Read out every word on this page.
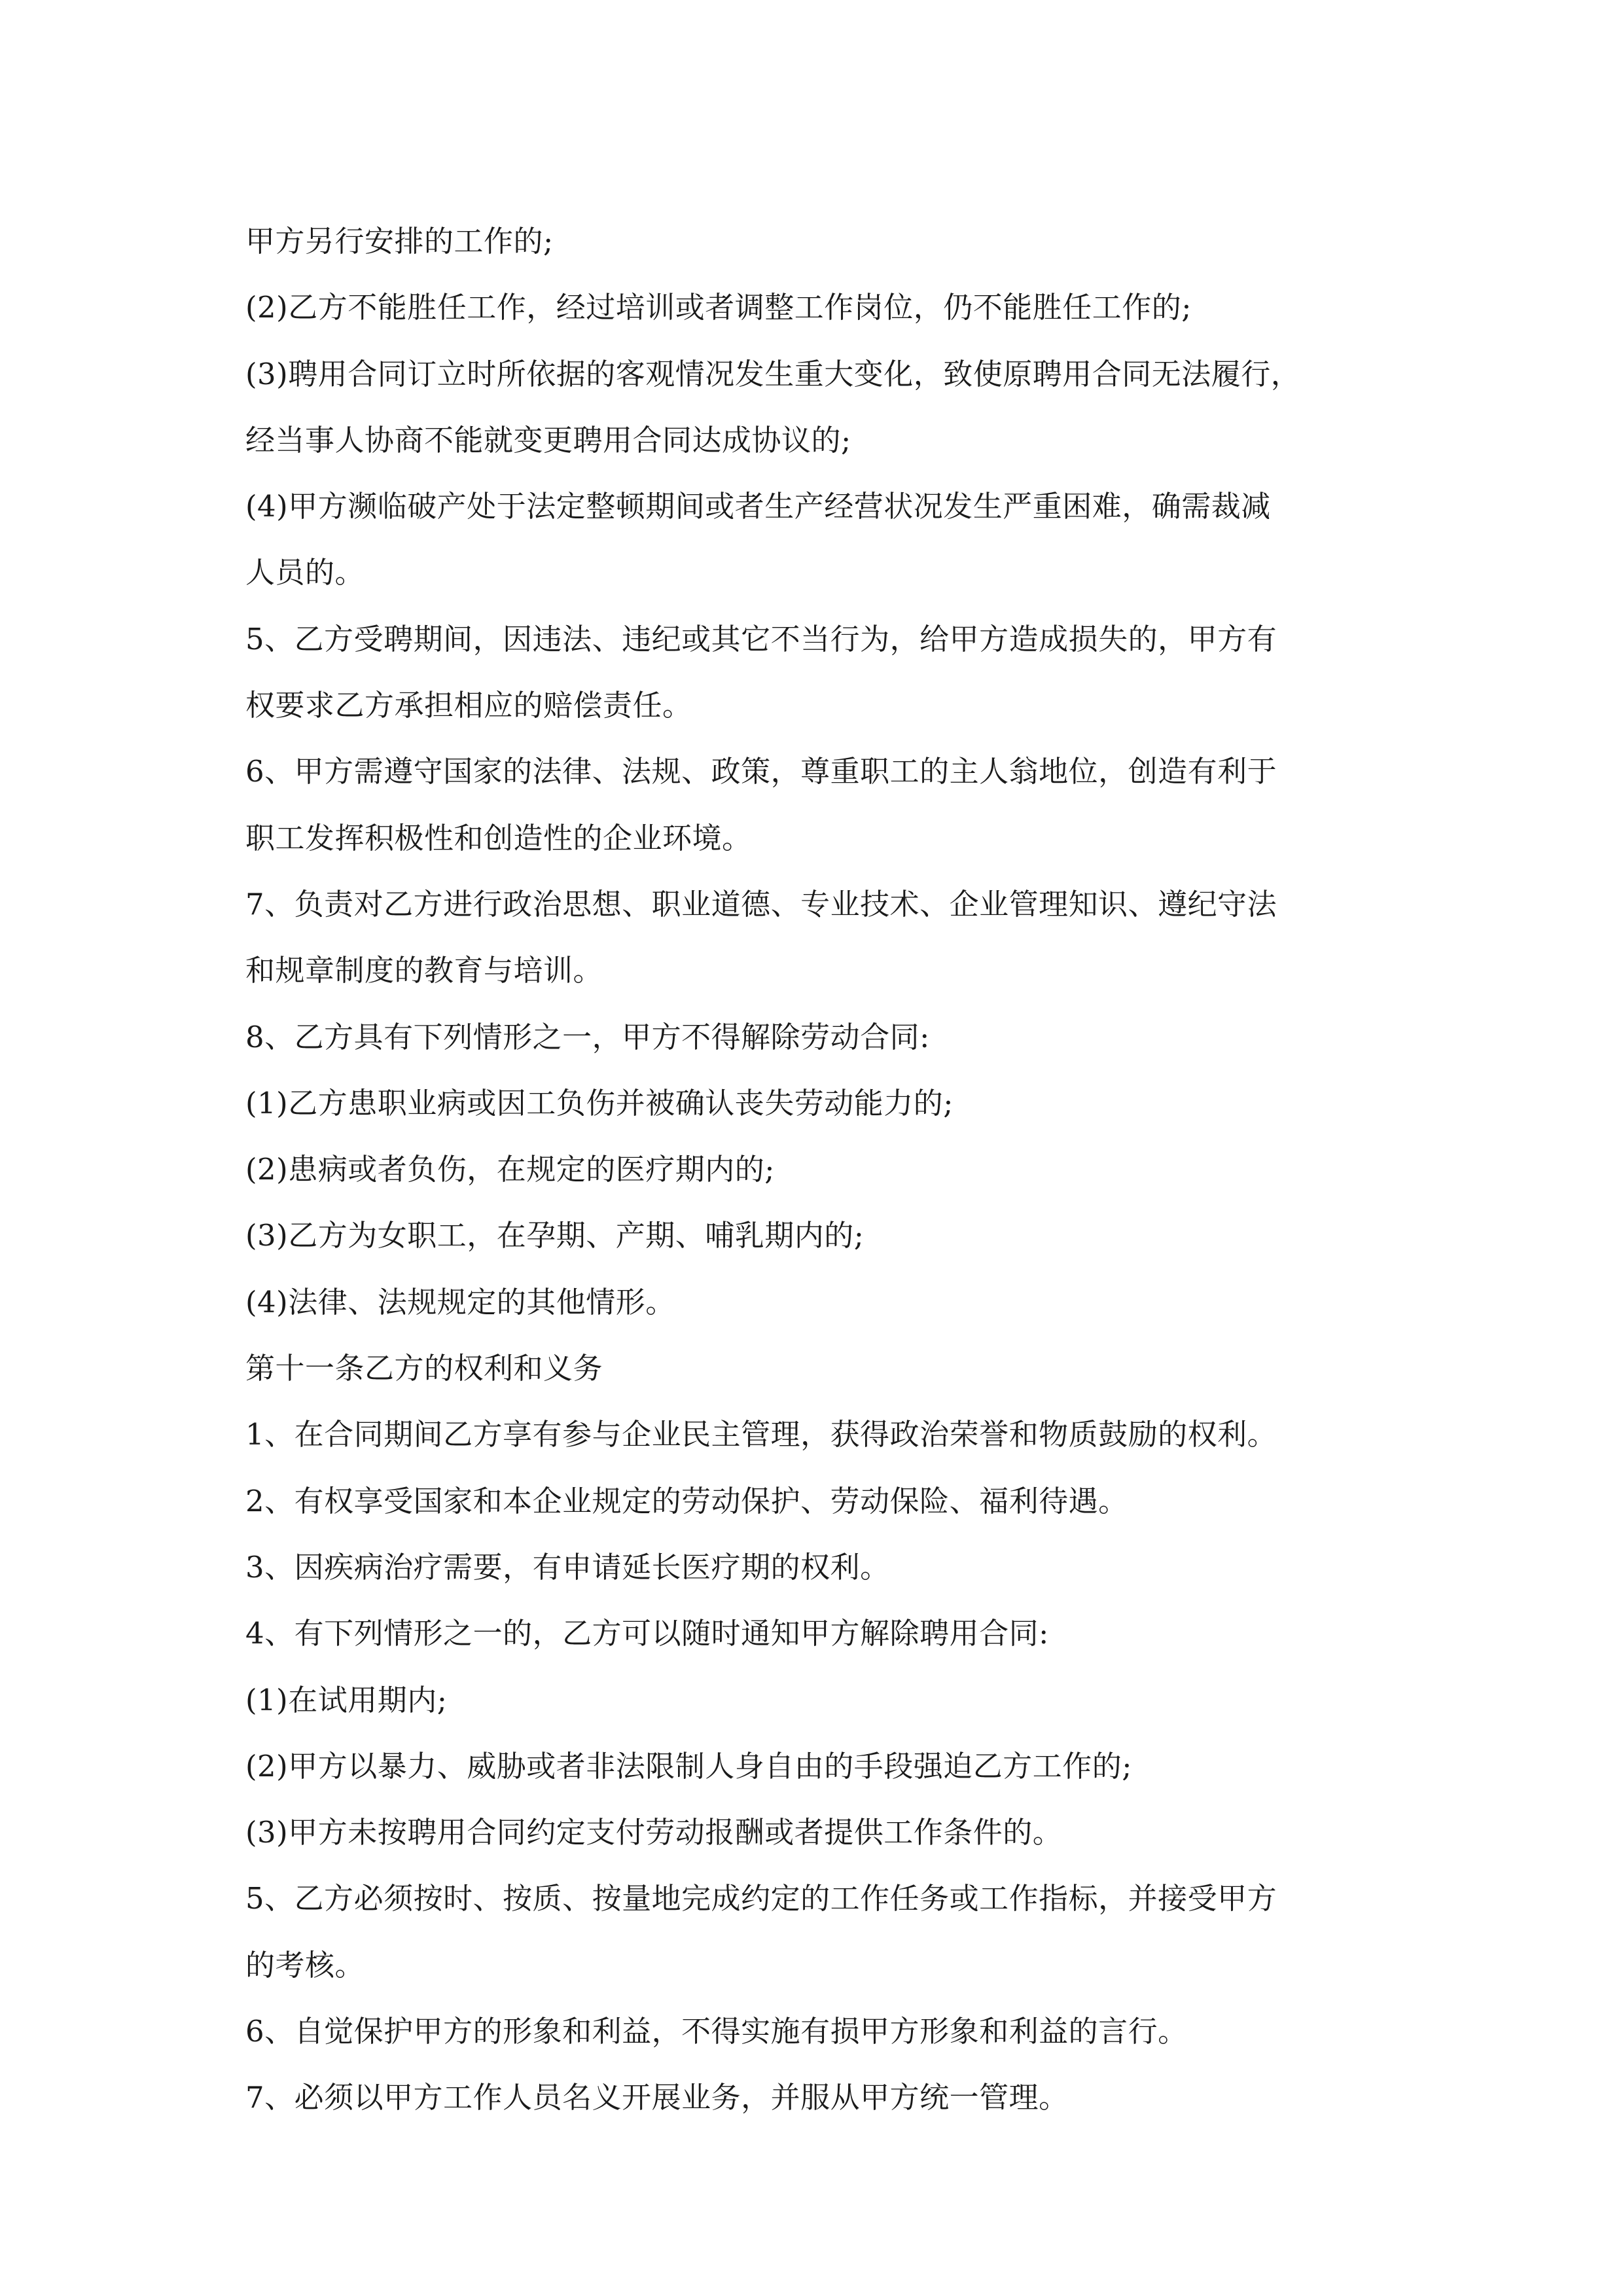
甲方另行安排的工作的;
(2)乙方不能胜任工作，经过培训或者调整工作岗位，仍不能胜任工作的;
(3)聘用合同订立时所依据的客观情况发生重大变化，致使原聘用合同无法履行，
经当事人协商不能就变更聘用合同达成协议的;
(4)甲方濒临破产处于法定整顿期间或者生产经营状况发生严重困难，确需裁减
人员的。
5、乙方受聘期间，因违法、违纪或其它不当行为，给甲方造成损失的，甲方有
权要求乙方承担相应的赔偿责任。
6、甲方需遵守国家的法律、法规、政策，尊重职工的主人翁地位，创造有利于
职工发挥积极性和创造性的企业环境。
7、负责对乙方进行政治思想、职业道德、专业技术、企业管理知识、遵纪守法
和规章制度的教育与培训。
8、乙方具有下列情形之一，甲方不得解除劳动合同:
(1)乙方患职业病或因工负伤并被确认丧失劳动能力的;
(2)患病或者负伤，在规定的医疗期内的;
(3)乙方为女职工，在孕期、产期、哺乳期内的;
(4)法律、法规规定的其他情形。
第十一条乙方的权利和义务
1、在合同期间乙方享有参与企业民主管理，获得政治荣誉和物质鼓励的权利。
2、有权享受国家和本企业规定的劳动保护、劳动保险、福利待遇。
3、因疾病治疗需要，有申请延长医疗期的权利。
4、有下列情形之一的，乙方可以随时通知甲方解除聘用合同:
(1)在试用期内;
(2)甲方以暴力、威胁或者非法限制人身自由的手段强迫乙方工作的;
(3)甲方未按聘用合同约定支付劳动报酬或者提供工作条件的。
5、乙方必须按时、按质、按量地完成约定的工作任务或工作指标，并接受甲方
的考核。
6、自觉保护甲方的形象和利益，不得实施有损甲方形象和利益的言行。
7、必须以甲方工作人员名义开展业务，并服从甲方统一管理。
